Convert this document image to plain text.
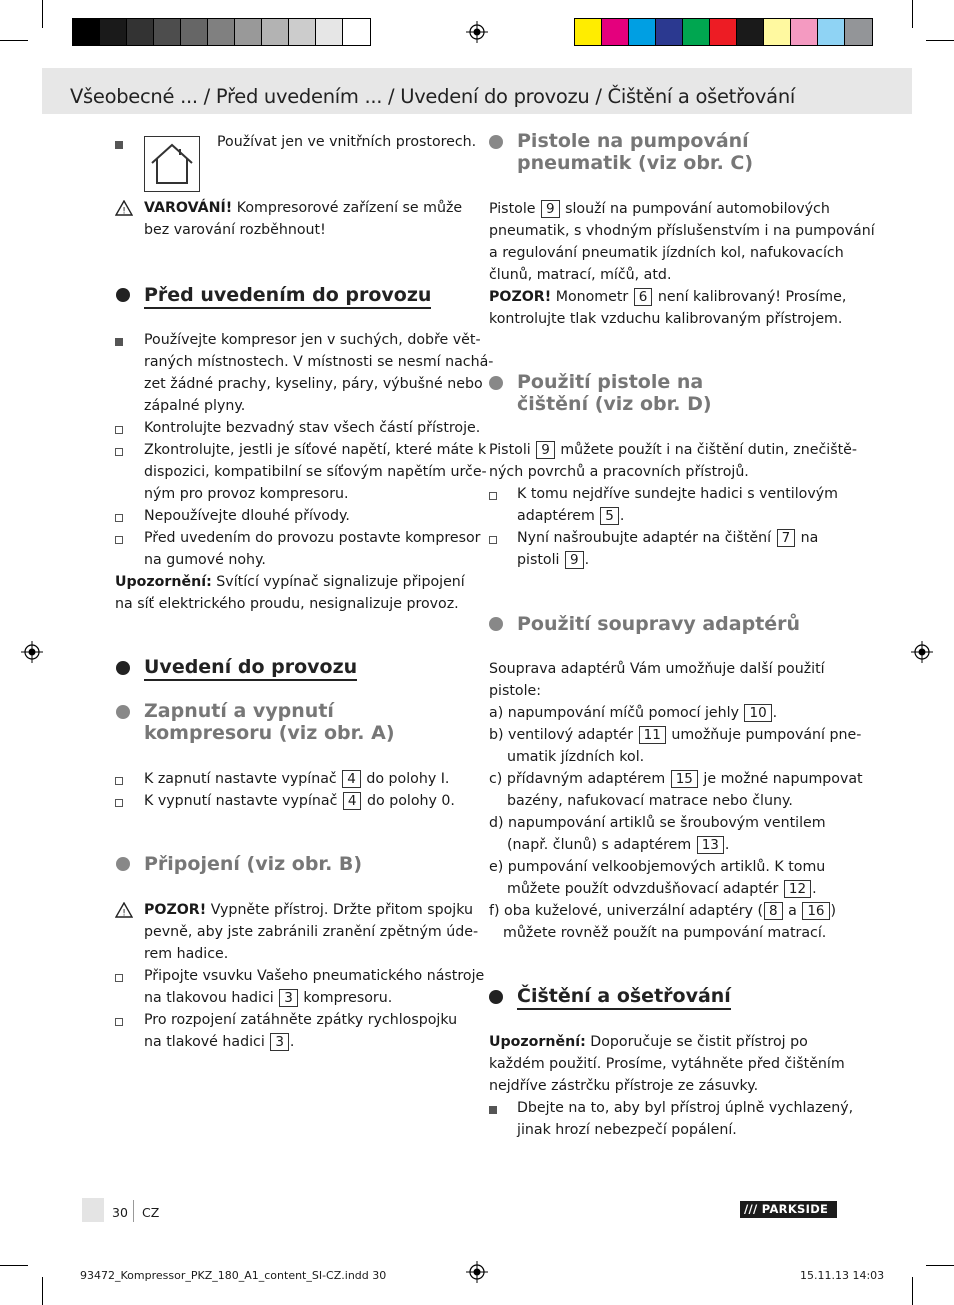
Všeobecné ... / Před uvedením ... / Uvedení do provozu / Čištění a ošetřování
Používat jen ve vnitřních prostorech.
! VAROVÁNÍ! Kompresorové zařízení se může
bez varování rozběhnout!
Před uvedením do provozu
Používejte kompresor jen v suchých, dobře vět-
raných místnostech. V místnosti se nesmí nachá-
zet žádné prachy, kyseliny, páry, výbušné nebo
zápalné plyny.
Kontrolujte bezvadný stav všech částí přístroje.
Zkontrolujte, jestli je síťové napětí, které máte k
dispozici, kompatibilní se síťovým napětím urče-
ným pro provoz kompresoru.
Nepoužívejte dlouhé přívody.
Před uvedením do provozu postavte kompresor
na gumové nohy.
Upozornění: Svítící vypínač signalizuje připojení
na síť elektrického proudu, nesignalizuje provoz.
Uvedení do provozu
Zapnutí a vypnutí
kompresoru (viz obr. A)
K zapnutí nastavte vypínač 4 do polohy I.
K vypnutí nastavte vypínač 4 do polohy 0.
Připojení (viz obr. B)
! POZOR! Vypněte přístroj. Držte přitom spojku
pevně, aby jste zabránili zranění zpětným úde-
rem hadice.
Připojte vsuvku Vašeho pneumatického nástroje
na tlakovou hadici 3 kompresoru.
Pro rozpojení zatáhněte zpátky rychlospojku
na tlakové hadici 3 .
Pistole na pumpování
pneumatik (viz obr. C)
Pistole 9 slouží na pumpování automobilových
pneumatik, s vhodným příslušenstvím i na pumpování
a regulování pneumatik jízdních kol, nafukovacích
člunů, matrací, míčů, atd.
POZOR! Monometr 6 není kalibrovaný! Prosíme,
kontrolujte tlak vzduchu kalibrovaným přístrojem.
Použití pistole na
čištění (viz obr. D)
Pistoli 9 můžete použít i na čištění dutin, znečiště-
ných povrchů a pracovních přístrojů.
K tomu nejdříve sundejte hadici s ventilovým
adaptérem 5 .
Nyní našroubujte adaptér na čištění 7 na
pistoli 9 .
Použití soupravy adaptérů
Souprava adaptérů Vám umožňuje další použití
pistole:
a) napumpování míčů pomocí jehly 10 .
b) ventilový adaptér 11 umožňuje pumpování pne-
umatik jízdních kol.
c) přídavným adaptérem 15 je možné napumpovat
bazény, nafukovací matrace nebo čluny.
d) napumpování artiklů se šroubovým ventilem
(např. člunů) s adaptérem 13 .
e) pumpování velkoobjemových artiklů. K tomu
můžete použít odvzdušňovací adaptér 12 .
f) oba kuželové, univerzální adaptéry ( 8 a 16 )
můžete rovněž použít na pumpování matrací.
Čištění a ošetřování
Upozornění: Doporučuje se čistit přístroj po
každém použití. Prosíme, vytáhněte před čištěním
nejdříve zástrčku přístroje ze zásuvky.
Dbejte na to, aby byl přístroj úplně vychlazený,
jinak hrozí nebezpečí popálení.
30 CZ	/// PARKSIDE
93472_Kompressor_PKZ_180_A1_content_SI-CZ.indd 30	15.11.13 14:03
